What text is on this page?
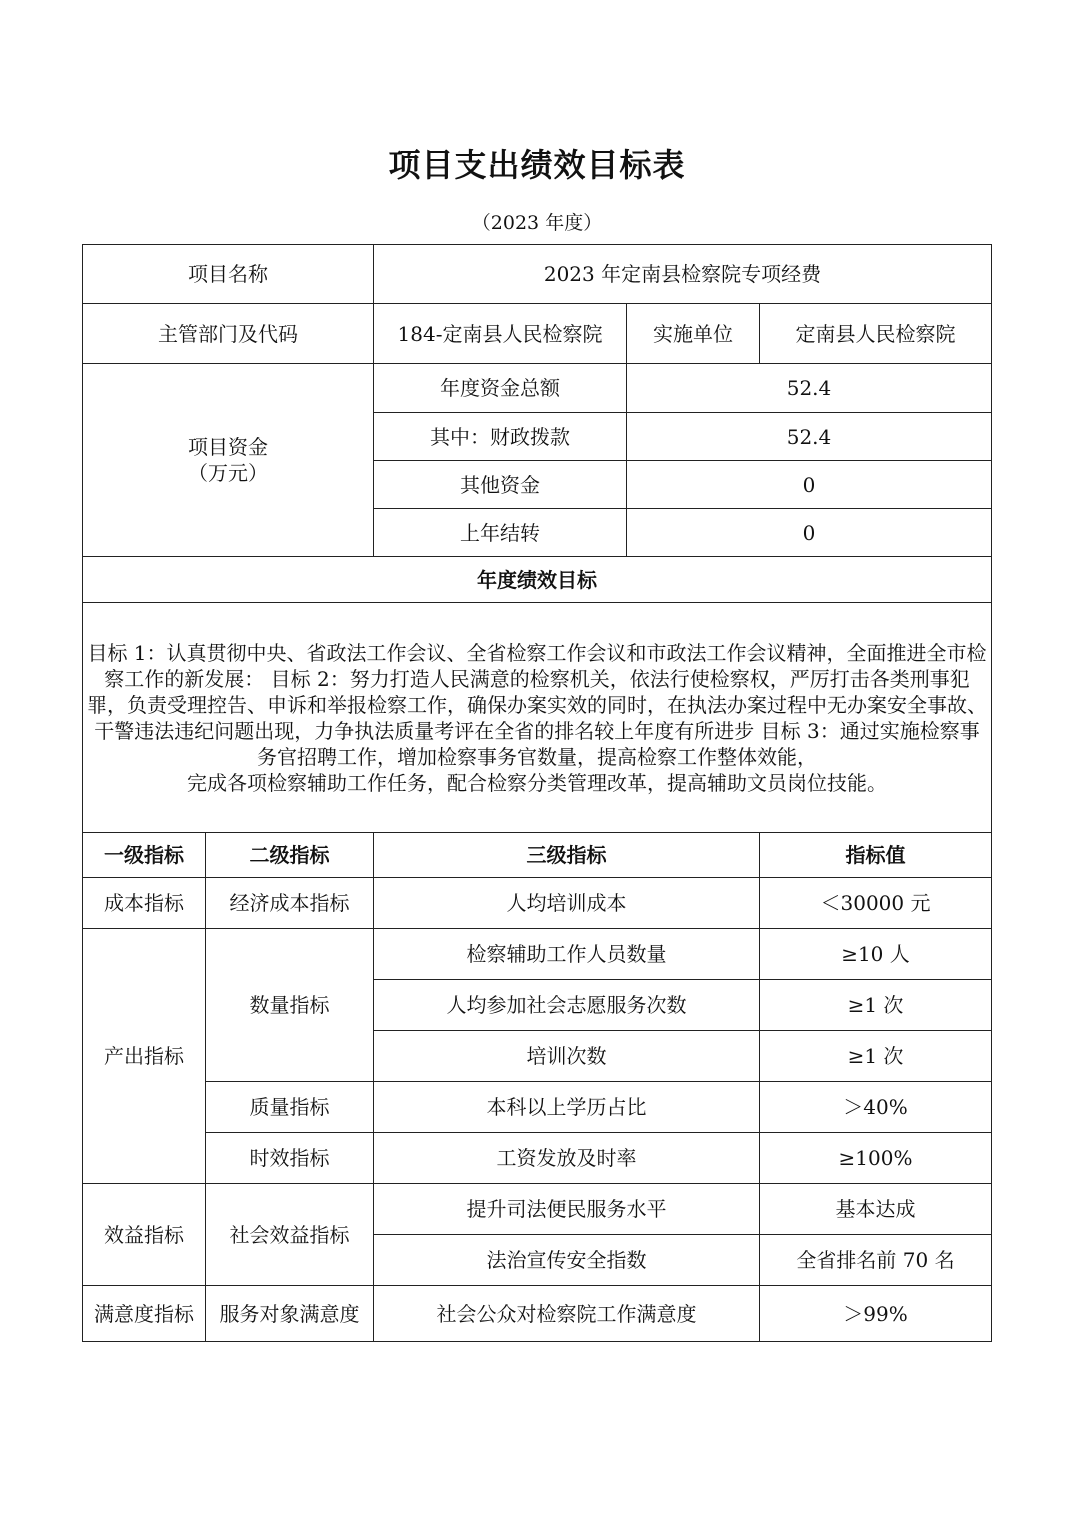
项目支出绩效目标表
（2023 年度）
项目名称		2023 年定南县检察院专项经费		
主管部门及代码		184-定南县人民检察院	实施单位	定南县人民检察院

项目资金
（万元）		年度资金总额	52.4	
		其中：财政拨款	52.4	
		其他资金	0	
		上年结转	0	
年度绩效目标				
目标 1：认真贯彻中央、省政法工作会议、全省检察工作会议和市政法工作会议精神，全面推进全市检察工作的新发展： 目标 2：努力打造人民满意的检察机关，依法行使检察权，严厉打击各类刑事犯罪，负责受理控告、申诉和举报检察工作，确保办案实效的同时，在执法办案过程中无办案安全事故、干警违法违纪问题出现，力争执法质量考评在全省的排名较上年度有所进步 目标 3：通过实施检察事务官招聘工作，增加检察事务官数量，提高检察工作整体效能，
完成各项检察辅助工作任务，配合检察分类管理改革，提高辅助文员岗位技能。				

一级指标	二级指标	三级指标		指标值
成本指标	经济成本指标	人均培训成本		＜30000 元
产出指标	数量指标	检察辅助工作人员数量		≥10 人
		人均参加社会志愿服务次数		≥1 次
		培训次数		≥1 次
	质量指标	本科以上学历占比		＞40%
	时效指标	工资发放及时率		≥100%
效益指标	社会效益指标	提升司法便民服务水平		基本达成
		法治宣传安全指数		全省排名前 70 名
满意度指标	服务对象满意度	社会公众对检察院工作满意度		＞99%
